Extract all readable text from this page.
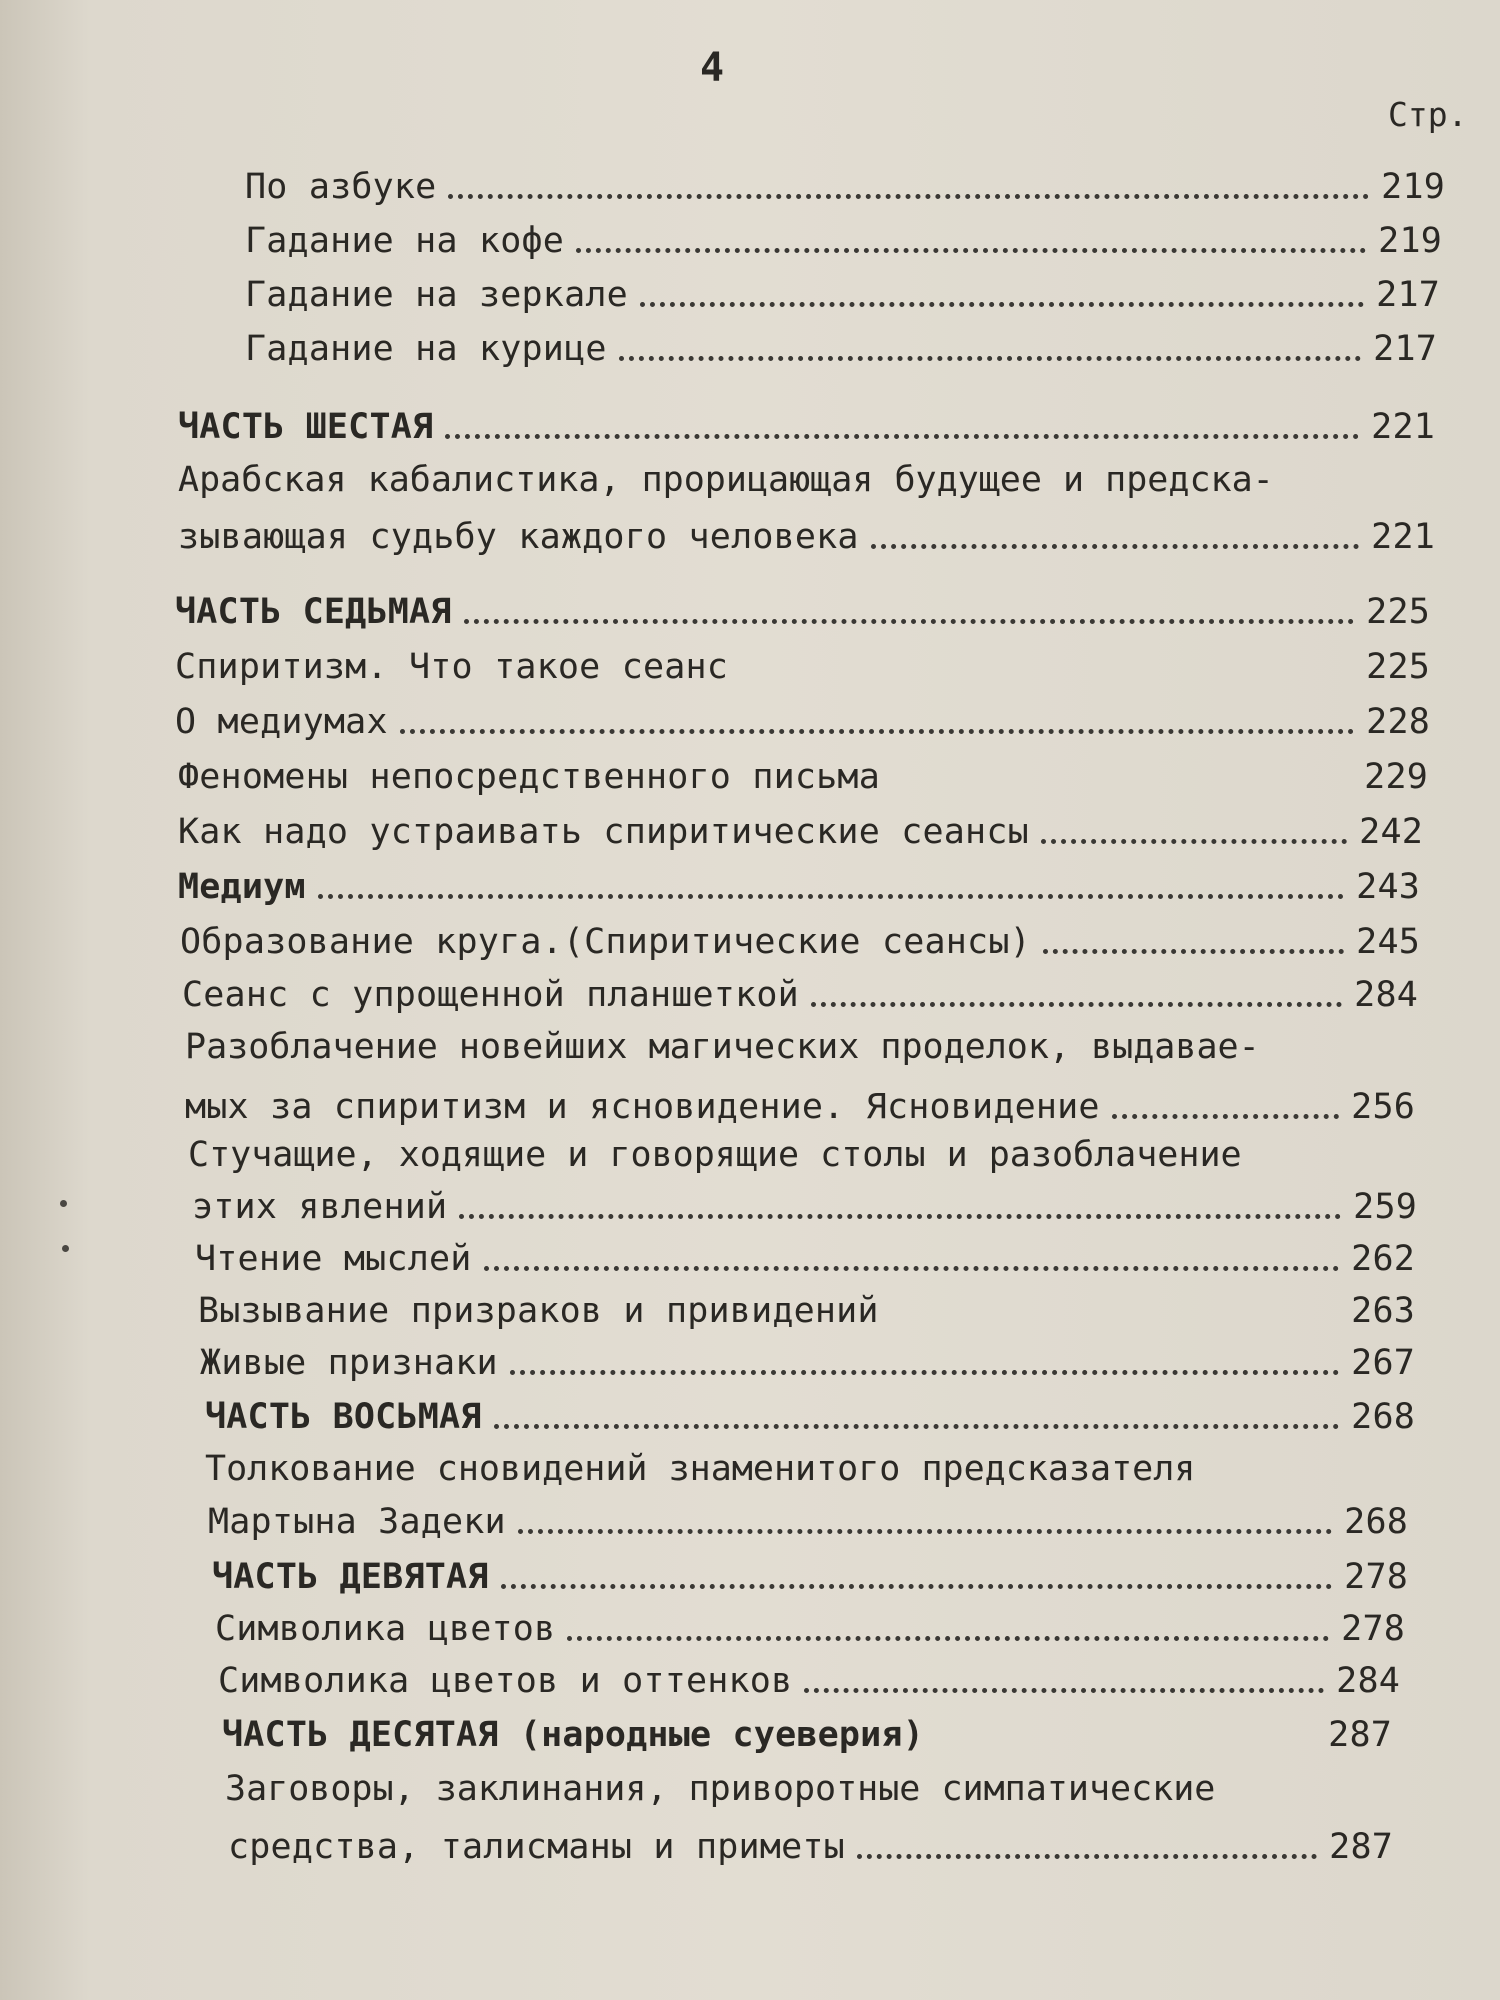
4
Стр.
По азбуке	219
Гадание на кофе	219
Гадание на зеркале	217
Гадание на курице	217
ЧАСТЬ ШЕСТАЯ	221
Арабская кабалистика, прорицающая будущее и предска-
зывающая судьбу каждого человека	221
ЧАСТЬ СЕДЬМАЯ	225
Спиритизм. Что такое сеанс	225
О медиумах	228
Феномены непосредственного письма	229
Как надо устраивать спиритические сеансы	242
Медиум	243
Образование круга.(Спиритические сеансы)	245
Сеанс с упрощенной планшеткой	284
Разоблачение новейших магических проделок, выдавае-
мых за спиритизм и ясновидение. Ясновидение	256
Стучащие, ходящие и говорящие столы и разоблачение
этих явлений	259
Чтение мыслей	262
Вызывание призраков и привидений	263
Живые признаки	267
ЧАСТЬ ВОСЬМАЯ	268
Толкование сновидений знаменитого предсказателя
Мартына Задеки	268
ЧАСТЬ ДЕВЯТАЯ	278
Символика цветов	278
Символика цветов и оттенков	284
ЧАСТЬ ДЕСЯТАЯ (народные суеверия)	287
Заговоры, заклинания, приворотные симпатические
средства, талисманы и приметы	287
